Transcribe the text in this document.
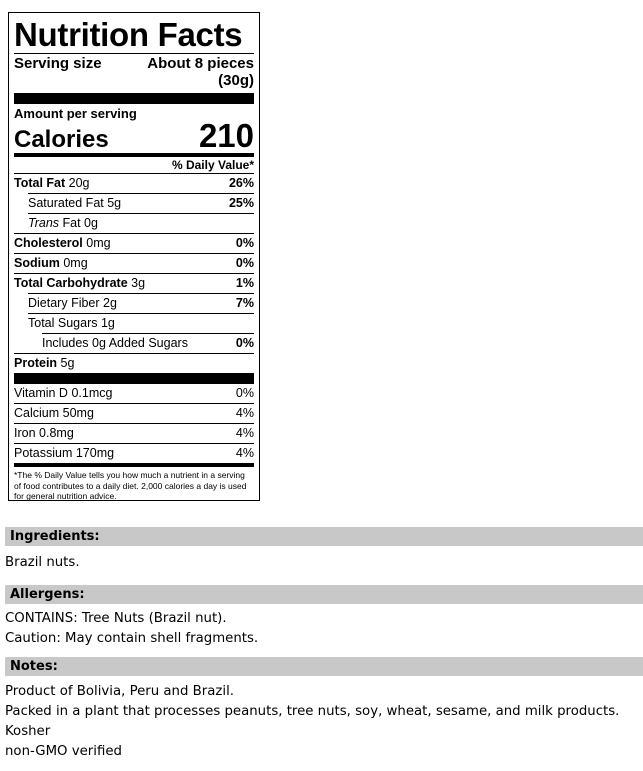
Nutrition Facts
Serving size	About 8 pieces (30g)
Amount per serving
Calories	210
% Daily Value*
Total Fat 20g	26%
Saturated Fat 5g	25%
Trans Fat 0g
Cholesterol 0mg	0%
Sodium 0mg	0%
Total Carbohydrate 3g	1%
Dietary Fiber 2g	7%
Total Sugars 1g
Includes 0g Added Sugars	0%
Protein 5g
Vitamin D 0.1mcg	0%
Calcium 50mg	4%
Iron 0.8mg	4%
Potassium 170mg	4%
*The % Daily Value tells you how much a nutrient in a serving of food contributes to a daily diet. 2,000 calories a day is used for general nutrition advice.
Ingredients:
Brazil nuts.
Allergens:
CONTAINS: Tree Nuts (Brazil nut).
Caution: May contain shell fragments.
Notes:
Product of Bolivia, Peru and Brazil.
Packed in a plant that processes peanuts, tree nuts, soy, wheat, sesame, and milk products.
Kosher
non-GMO verified
